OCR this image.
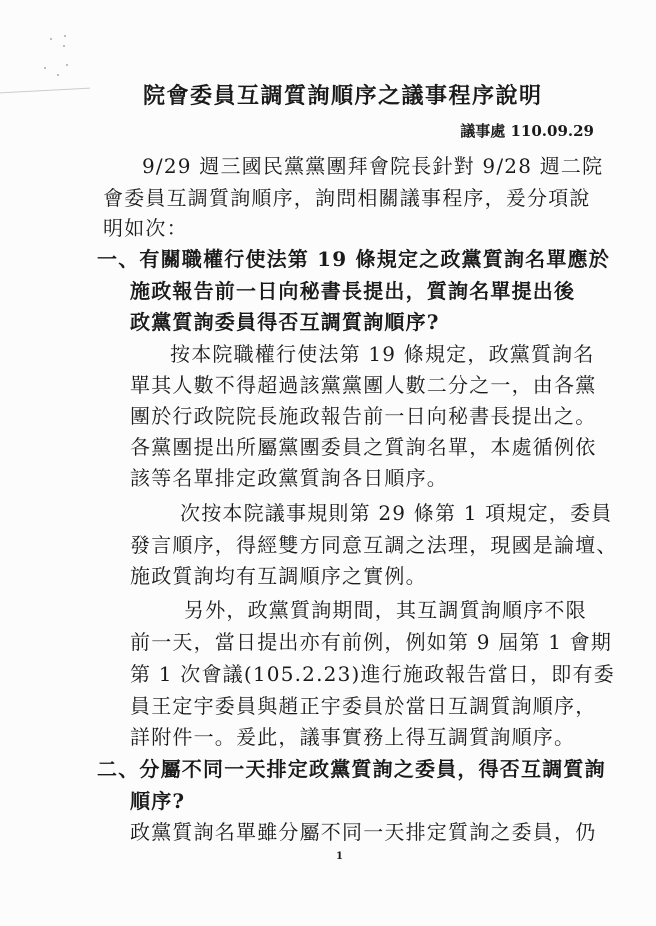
院會委員互調質詢順序之議事程序說明
議事處 110.09.29
9/29 週三國民黨黨團拜會院長針對 9/28 週二院
會委員互調質詢順序，詢問相關議事程序，爰分項說
明如次：
一、有關職權行使法第 19 條規定之政黨質詢名單應於
施政報告前一日向秘書長提出，質詢名單提出後
政黨質詢委員得否互調質詢順序?
按本院職權行使法第 19 條規定，政黨質詢名
單其人數不得超過該黨黨團人數二分之一，由各黨
團於行政院院長施政報告前一日向秘書長提出之。
各黨團提出所屬黨團委員之質詢名單，本處循例依
該等名單排定政黨質詢各日順序。
次按本院議事規則第 29 條第 1 項規定，委員
發言順序，得經雙方同意互調之法理，現國是論壇、
施政質詢均有互調順序之實例。
另外，政黨質詢期間，其互調質詢順序不限
前一天，當日提出亦有前例，例如第 9 屆第 1 會期
第 1 次會議(105.2.23)進行施政報告當日，即有委
員王定宇委員與趙正宇委員於當日互調質詢順序，
詳附件一。爰此，議事實務上得互調質詢順序。
二、分屬不同一天排定政黨質詢之委員，得否互調質詢
順序?
政黨質詢名單雖分屬不同一天排定質詢之委員，仍
1
